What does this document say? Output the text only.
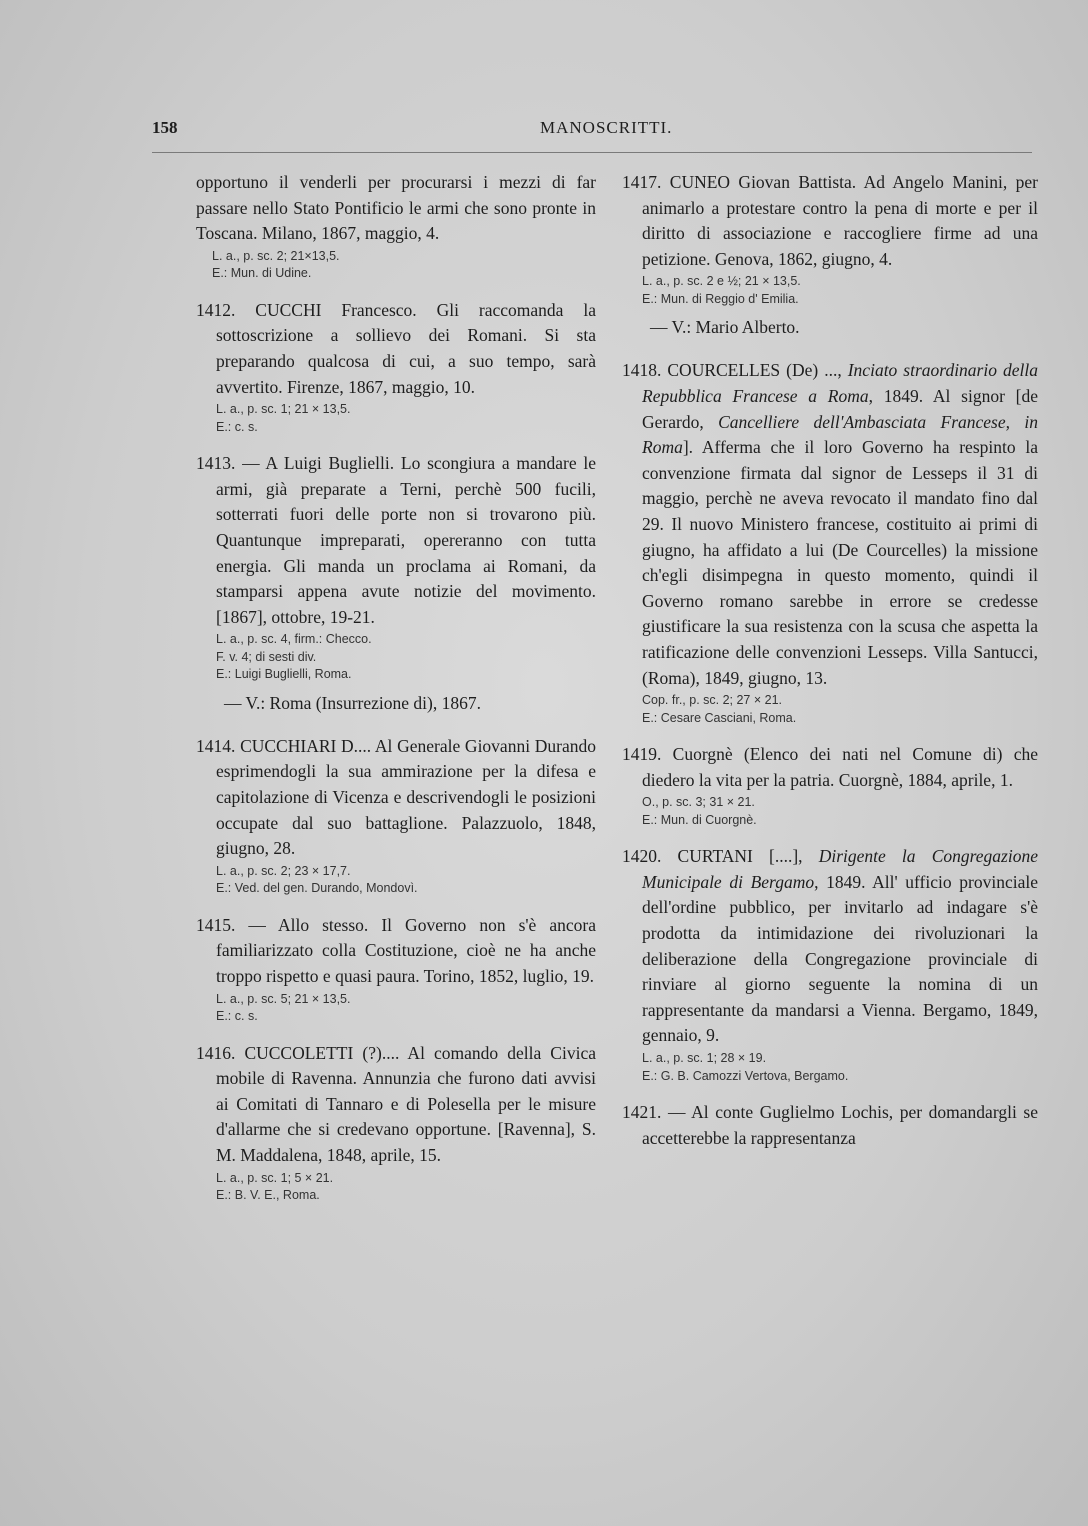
158	MANOSCRITTI.

opportuno il venderli per procurarsi i mezzi di far passare nello Stato Pontificio le armi che sono pronte in Toscana. Milano, 1867, maggio, 4.

L. a., p. sc. 2; 21×13,5.
E.: Mun. di Udine.

1412. CUCCHI Francesco. Gli raccomanda la sottoscrizione a sollievo dei Romani. Si sta preparando qualcosa di cui, a suo tempo, sarà avvertito. Firenze, 1867, maggio, 10.

L. a., p. sc. 1; 21 × 13,5.
E.: c. s.

1413. — A Luigi Buglielli. Lo scongiura a mandare le armi, già preparate a Terni, perchè 500 fucili, sotterrati fuori delle porte non si trovarono più. Quantunque impreparati, opereranno con tutta energia. Gli manda un proclama ai Romani, da stamparsi appena avute notizie del movimento. [1867], ottobre, 19-21.

L. a., p. sc. 4, firm.: Checco.
F. v. 4; di sesti div.
E.: Luigi Buglielli, Roma.
— V.: Roma (Insurrezione di), 1867.

1414. CUCCHIARI D.... Al Generale Giovanni Durando esprimendogli la sua ammirazione per la difesa e capitolazione di Vicenza e descrivendogli le posizioni occupate dal suo battaglione. Palazzuolo, 1848, giugno, 28.

L. a., p. sc. 2; 23 × 17,7.
E.: Ved. del gen. Durando, Mondovì.

1415. — Allo stesso. Il Governo non s'è ancora familiarizzato colla Costituzione, cioè ne ha anche troppo rispetto e quasi paura. Torino, 1852, luglio, 19.

L. a., p. sc. 5; 21 × 13,5.
E.: c. s.

1416. CUCCOLETTI (?).... Al comando della Civica mobile di Ravenna. Annunzia che furono dati avvisi ai Comitati di Tannaro e di Polesella per le misure d'allarme che si credevano opportune. [Ravenna], S. M. Maddalena, 1848, aprile, 15.

L. a., p. sc. 1; 5 × 21.
E.: B. V. E., Roma.

1417. CUNEO Giovan Battista. Ad Angelo Manini, per animarlo a protestare contro la pena di morte e per il diritto di associazione e raccogliere firme ad una petizione. Genova, 1862, giugno, 4.

L. a., p. sc. 2 e ½; 21 × 13,5.
E.: Mun. di Reggio d' Emilia.
— V.: Mario Alberto.

1418. COURCELLES (De) ..., Inciato straordinario della Repubblica Francese a Roma, 1849. Al signor [de Gerardo, Cancelliere dell'Ambasciata Francese, in Roma]. Afferma che il loro Governo ha respinto la convenzione firmata dal signor de Lesseps il 31 di maggio, perchè ne aveva revocato il mandato fino dal 29. Il nuovo Ministero francese, costituito ai primi di giugno, ha affidato a lui (De Courcelles) la missione ch'egli disimpegna in questo momento, quindi il Governo romano sarebbe in errore se credesse giustificare la sua resistenza con la scusa che aspetta la ratificazione delle convenzioni Lesseps. Villa Santucci, (Roma), 1849, giugno, 13.

Cop. fr., p. sc. 2; 27 × 21.
E.: Cesare Casciani, Roma.

1419. Cuorgnè (Elenco dei nati nel Comune di) che diedero la vita per la patria. Cuorgnè, 1884, aprile, 1.

O., p. sc. 3; 31 × 21.
E.: Mun. di Cuorgnè.

1420. CURTANI [....], Dirigente la Congregazione Municipale di Bergamo, 1849. All' ufficio provinciale dell'ordine pubblico, per invitarlo ad indagare s'è prodotta da intimidazione dei rivoluzionari la deliberazione della Congregazione provinciale di rinviare al giorno seguente la nomina di un rappresentante da mandarsi a Vienna. Bergamo, 1849, gennaio, 9.

L. a., p. sc. 1; 28 × 19.
E.: G. B. Camozzi Vertova, Bergamo.

1421. — Al conte Guglielmo Lochis, per domandargli se accetterebbe la rappresentanza
